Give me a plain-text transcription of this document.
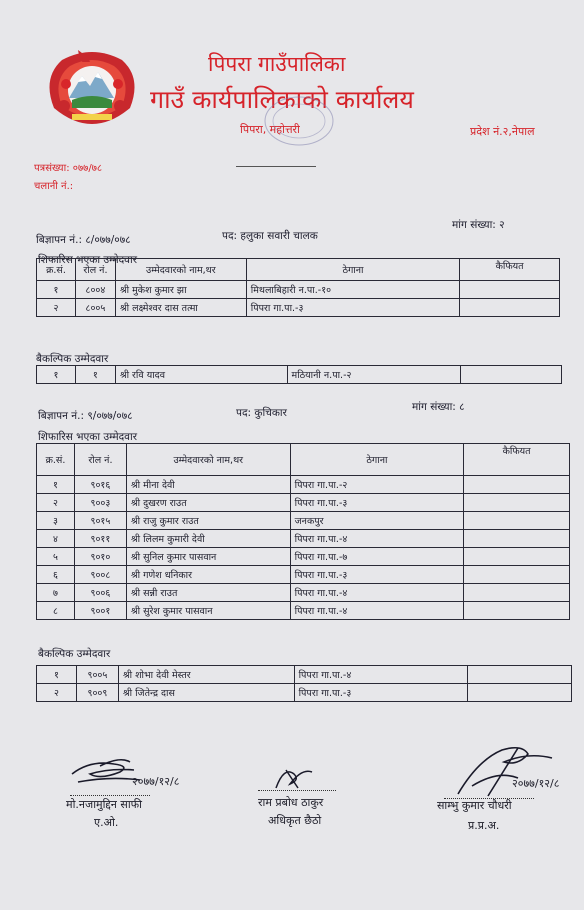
पिपरा गाउँपालिका
गाउँ कार्यपालिकाको कार्यालय
पिपरा, महोत्तरी	प्रदेश नं.२,नेपाल
पत्रसंख्या: ०७७/७८
चलानी नं.:
मांग संख्या: २
बिज्ञापन नं.: ८/०७७/०७८	पद: हलुका सवारी चालक
शिफारिस भएका उम्मेदवार
क्र.सं.	रोल नं.	उम्मेदवारको नाम,थर	ठेगाना	कैफियत
१	८००४	श्री मुकेश कुमार झा	मिथलाबिहारी न.पा.-१०	
२	८००५	श्री लक्ष्मेश्वर दास तत्मा	पिपरा गा.पा.-३	
बैकल्पिक उम्मेदवार
१	१	श्री रवि यादव	मठियानी न.पा.-२	
मांग संख्या: ८
बिज्ञापन नं.: ९/०७७/०७८	पद: कुचिकार
शिफारिस भएका उम्मेदवार
क्र.सं.	रोल नं.	उम्मेदवारको नाम,थर	ठेगाना	कैफियत
१	९०१६	श्री मीना देवी	पिपरा गा.पा.-२	
२	९००३	श्री दुखरण राउत	पिपरा गा.पा.-३	
३	९०१५	श्री राजु कुमार राउत	जनकपुर	
४	९०११	श्री लिलम कुमारी देवी	पिपरा गा.पा.-४	
५	९०१०	श्री सुनिल कुमार पासवान	पिपरा गा.पा.-७	
६	९००८	श्री गणेश धनिकार	पिपरा गा.पा.-३	
७	९००६	श्री सन्नी राउत	पिपरा गा.पा.-४	
८	९००१	श्री सुरेश कुमार पासवान	पिपरा गा.पा.-४	
बैकल्पिक उम्मेदवार
१	९००५	श्री शोभा देवी मेस्तर	पिपरा गा.पा.-४	
२	९००९	श्री जितेन्द्र दास	पिपरा गा.पा.-३	
२०७७/१२/८
मो.नजामुद्दिन साफी
ए.ओ.
राम प्रबोध ठाकुर
अधिकृत छैठो
२०७७/१२/८
साम्भु कुमार चौधरी
प्र.प्र.अ.
